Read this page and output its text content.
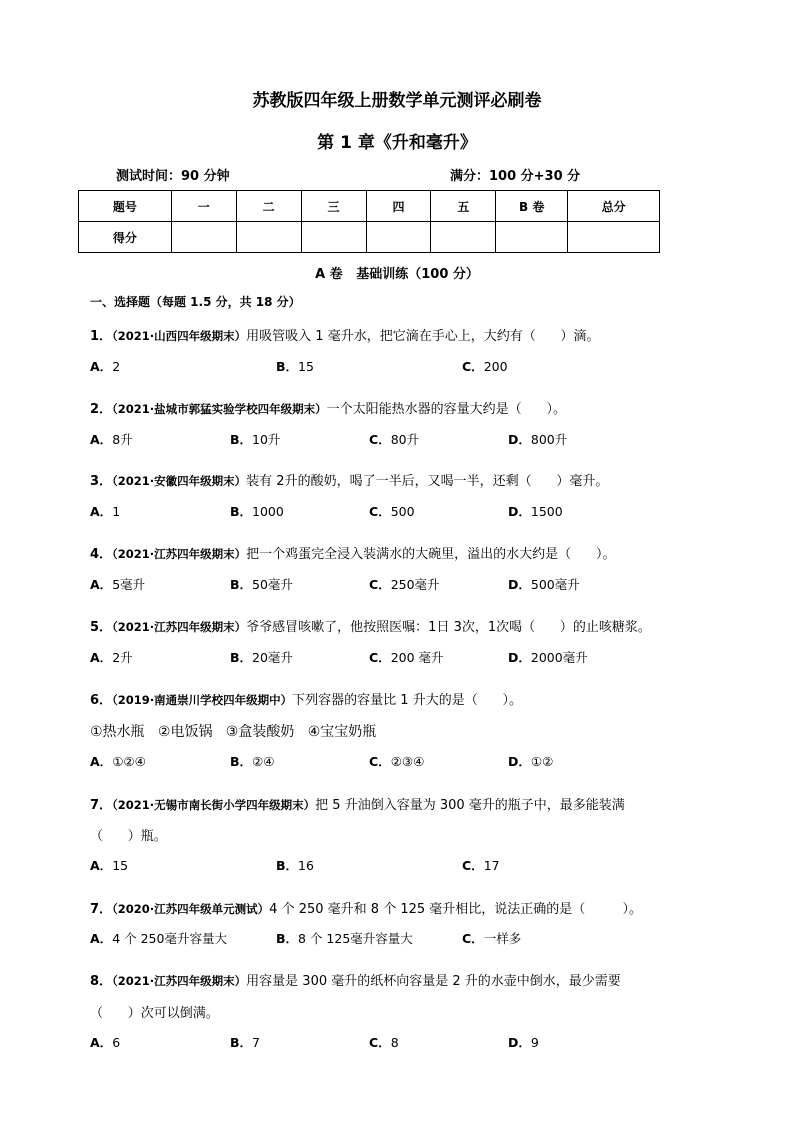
苏教版四年级上册数学单元测评必刷卷
第 1 章《升和毫升》
测试时间：90 分钟	满分：100 分+30 分
题号	一	二	三	四	五	B 卷	总分
得分							
A 卷   基础训练（100 分）
一、选择题（每题 1.5 分，共 18 分）
1．（2021·山西四年级期末）用吸管吸入 1 毫升水，把它滴在手心上，大约有（      ）滴。
A．2	B．15	C．200
2．（2021·盐城市郭猛实验学校四年级期末）一个太阳能热水器的容量大约是（      ）。
A．8升	B．10升	C．80升	D．800升
3．（2021·安徽四年级期末）装有 2升的酸奶，喝了一半后，又喝一半，还剩（      ）毫升。
A．1	B．1000	C．500	D．1500
4．（2021·江苏四年级期末）把一个鸡蛋完全浸入装满水的大碗里，溢出的水大约是（      ）。
A．5毫升	B．50毫升	C．250毫升	D．500毫升
5．（2021·江苏四年级期末）爷爷感冒咳嗽了，他按照医嘱：1日 3次，1次喝（      ）的止咳糖浆。
A．2升	B．20毫升	C．200 毫升	D．2000毫升
6．（2019·南通崇川学校四年级期中）下列容器的容量比 1 升大的是（      ）。
①热水瓶   ②电饭锅   ③盒装酸奶   ④宝宝奶瓶
A．①②④	B．②④	C．②③④	D．①②
7．（2021·无锡市南长街小学四年级期末）把 5 升油倒入容量为 300 毫升的瓶子中，最多能装满
（      ）瓶。
A．15	B．16	C．17
7．（2020·江苏四年级单元测试）4 个 250 毫升和 8 个 125 毫升相比，说法正确的是（         ）。
A．4 个 250毫升容量大	B．8 个 125毫升容量大	C．一样多
8．（2021·江苏四年级期末）用容量是 300 毫升的纸杯向容量是 2 升的水壶中倒水，最少需要
（      ）次可以倒满。
A．6	B．7	C．8	D．9
